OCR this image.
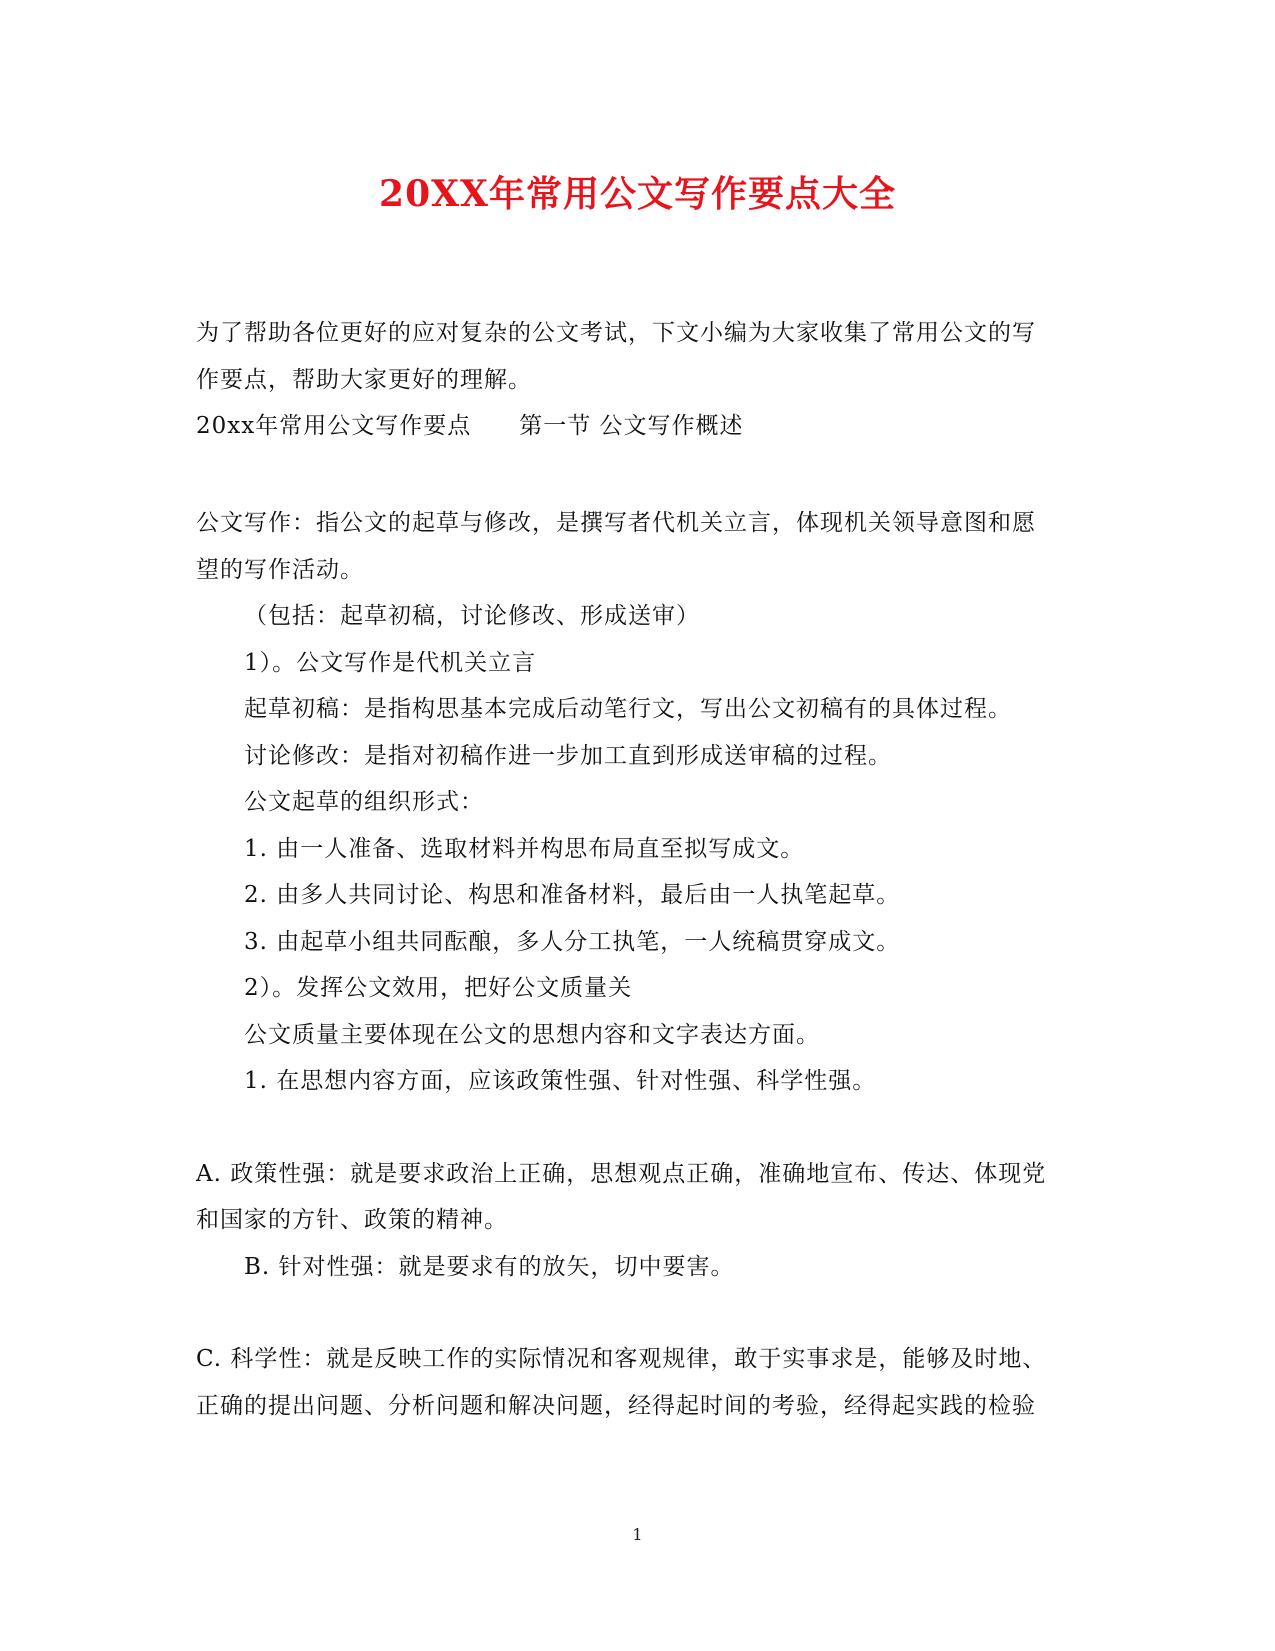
20XX年常用公文写作要点大全
为了帮助各位更好的应对复杂的公文考试，下文小编为大家收集了常用公文的写
作要点，帮助大家更好的理解。
20xx年常用公文写作要点 第一节 公文写作概述
公文写作：指公文的起草与修改，是撰写者代机关立言，体现机关领导意图和愿
望的写作活动。
（包括：起草初稿，讨论修改、形成送审）
1）。公文写作是代机关立言
起草初稿：是指构思基本完成后动笔行文，写出公文初稿有的具体过程。
讨论修改：是指对初稿作进一步加工直到形成送审稿的过程。
公文起草的组织形式：
1. 由一人准备、选取材料并构思布局直至拟写成文。
2. 由多人共同讨论、构思和准备材料，最后由一人执笔起草。
3. 由起草小组共同酝酿，多人分工执笔，一人统稿贯穿成文。
2）。发挥公文效用，把好公文质量关
公文质量主要体现在公文的思想内容和文字表达方面。
1. 在思想内容方面，应该政策性强、针对性强、科学性强。
A. 政策性强：就是要求政治上正确，思想观点正确，准确地宣布、传达、体现党
和国家的方针、政策的精神。
B. 针对性强：就是要求有的放矢，切中要害。
C. 科学性：就是反映工作的实际情况和客观规律，敢于实事求是，能够及时地、
正确的提出问题、分析问题和解决问题，经得起时间的考验，经得起实践的检验
1
